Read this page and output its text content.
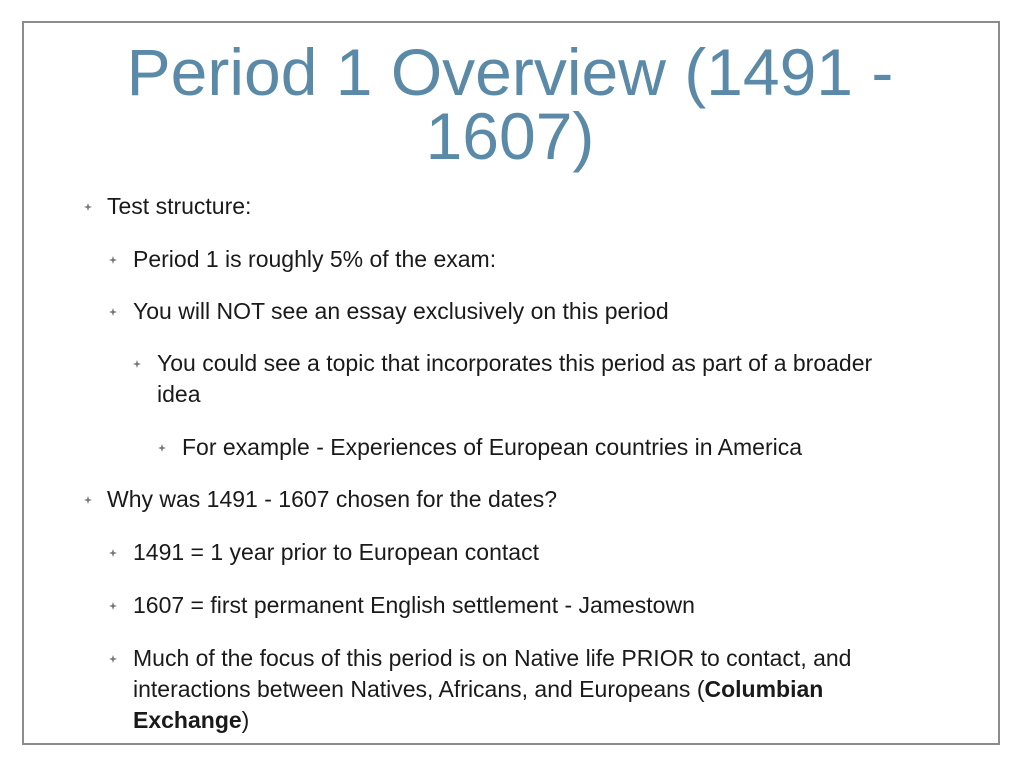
Period 1 Overview (1491 - 1607)
Test structure:
Period 1 is roughly 5% of the exam:
You will NOT see an essay exclusively on this period
You could see a topic that incorporates this period as part of a broader idea
For example - Experiences of European countries in America
Why was 1491 - 1607 chosen for the dates?
1491 = 1 year prior to European contact
1607 = first permanent English settlement - Jamestown
Much of the focus of this period is on Native life PRIOR to contact, and interactions between Natives, Africans, and Europeans (Columbian Exchange)
